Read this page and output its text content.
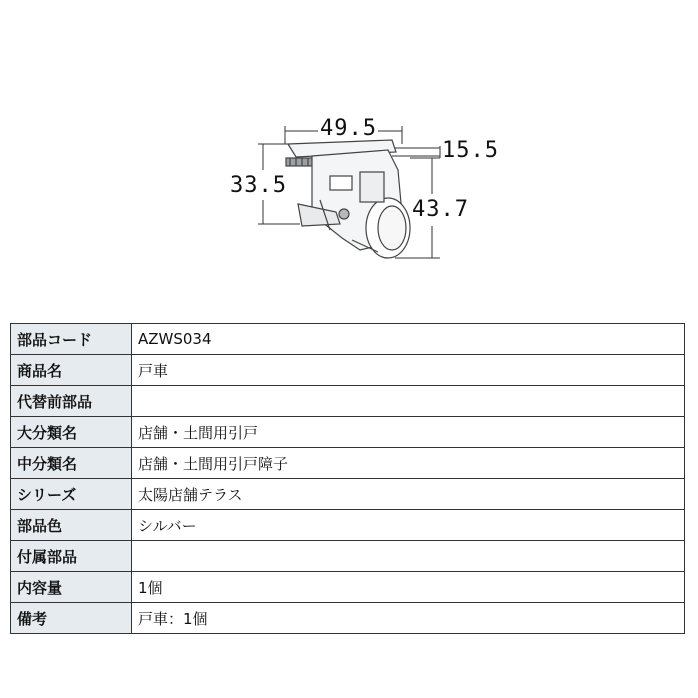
49.5
15.5
33.5
43.7
部品コード	AZWS034
商品名	戸車
代替前部品	
大分類名	店舗・土間用引戸
中分類名	店舗・土間用引戸障子
シリーズ	太陽店舗テラス
部品色	シルバー
付属部品	
内容量	1個
備考	戸車：1個
